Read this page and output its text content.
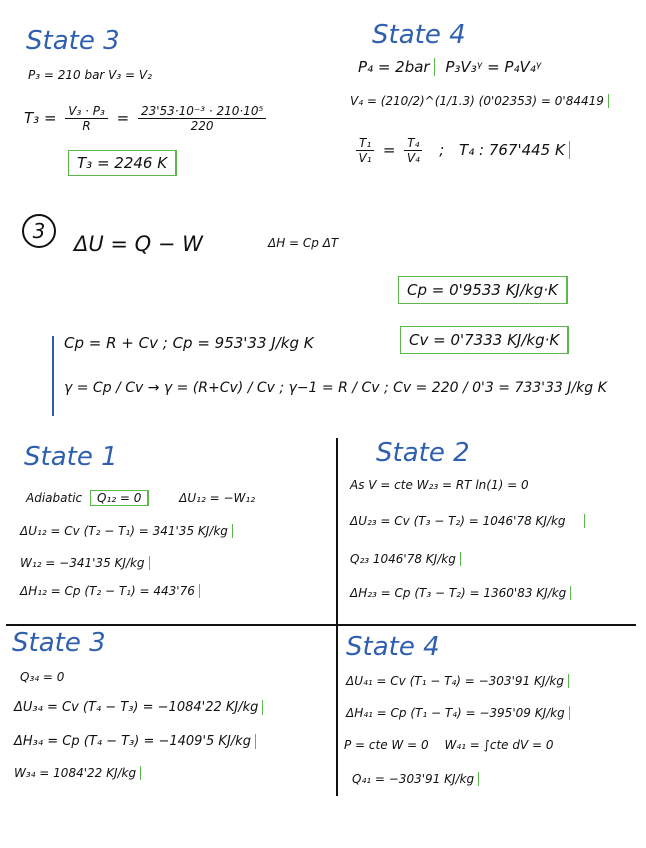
State 3
P₃ = 210 bar V₃ = V₂
$T_3 = \frac{\text{V₃ · P₃}}{R} = \frac{\text{23'53·10⁻³ · 210·10⁵}}{220}$
T₃ = 2246 K
State 4
P₄ = 2bar P₃V₃ᵞ = P₄V₄ᵞ
V₄ = (210/2)^(1/1.3) (0'02353) = 0'84419
$\frac{\text{T₁}}{\text{V₁}} = \frac{\text{T₄}}{\text{V₄}}$ ; T₄ : 767'445 K
3
ΔU = Q − W	ΔH = Cp ΔT
Cp = 0'9533 KJ/kg·K
Cp = R + Cv ; Cp = 953'33 J/kg K	Cv = 0'7333 KJ/kg·K
γ = Cp / Cv → γ = (R+Cv) / Cv ; γ−1 = R / Cv ; Cv = 220 / 0'3 = 733'33 J/kg K
State 1
Adiabatic Q₁₂ = 0	ΔU₁₂ = −W₁₂
ΔU₁₂ = Cv (T₂ − T₁) = 341'35 KJ/kg
W₁₂ = −341'35 KJ/kg
ΔH₁₂ = Cp (T₂ − T₁) = 443'76
State 2
As V = cte W₂₃ = RT ln(1) = 0
ΔU₂₃ = Cv (T₃ − T₂) = 1046'78 KJ/kg
Q₂₃ 1046'78 KJ/kg
ΔH₂₃ = Cp (T₃ − T₂) = 1360'83 KJ/kg
State 3
Q₃₄ = 0
ΔU₃₄ = Cv (T₄ − T₃) = −1084'22 KJ/kg
ΔH₃₄ = Cp (T₄ − T₃) = −1409'5 KJ/kg
W₃₄ = 1084'22 KJ/kg
State 4
ΔU₄₁ = Cv (T₁ − T₄) = −303'91 KJ/kg
ΔH₄₁ = Cp (T₁ − T₄) = −395'09 KJ/kg
P = cte W = 0 W₄₁ = ∫cte dV = 0
Q₄₁ = −303'91 KJ/kg
